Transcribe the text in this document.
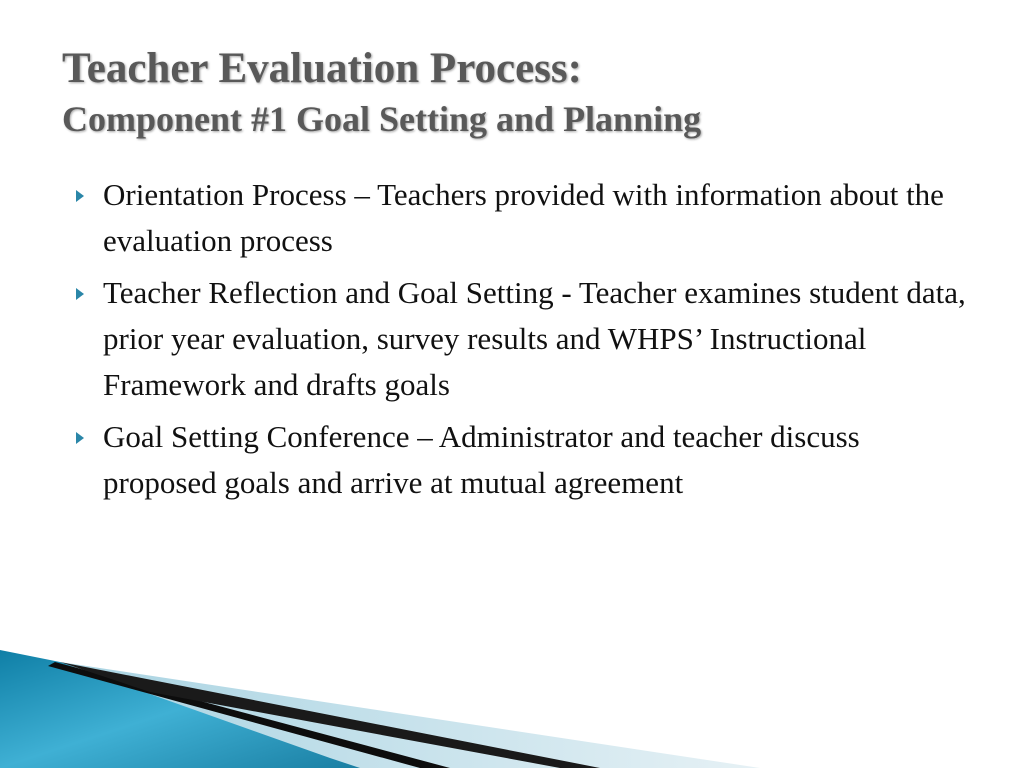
Teacher Evaluation Process:
Component #1 Goal Setting and Planning
Orientation Process – Teachers provided with information about the evaluation process
Teacher Reflection and Goal Setting - Teacher examines student data, prior year evaluation, survey results and WHPS’ Instructional Framework and drafts goals
Goal Setting Conference – Administrator and teacher discuss proposed goals and arrive at mutual agreement
